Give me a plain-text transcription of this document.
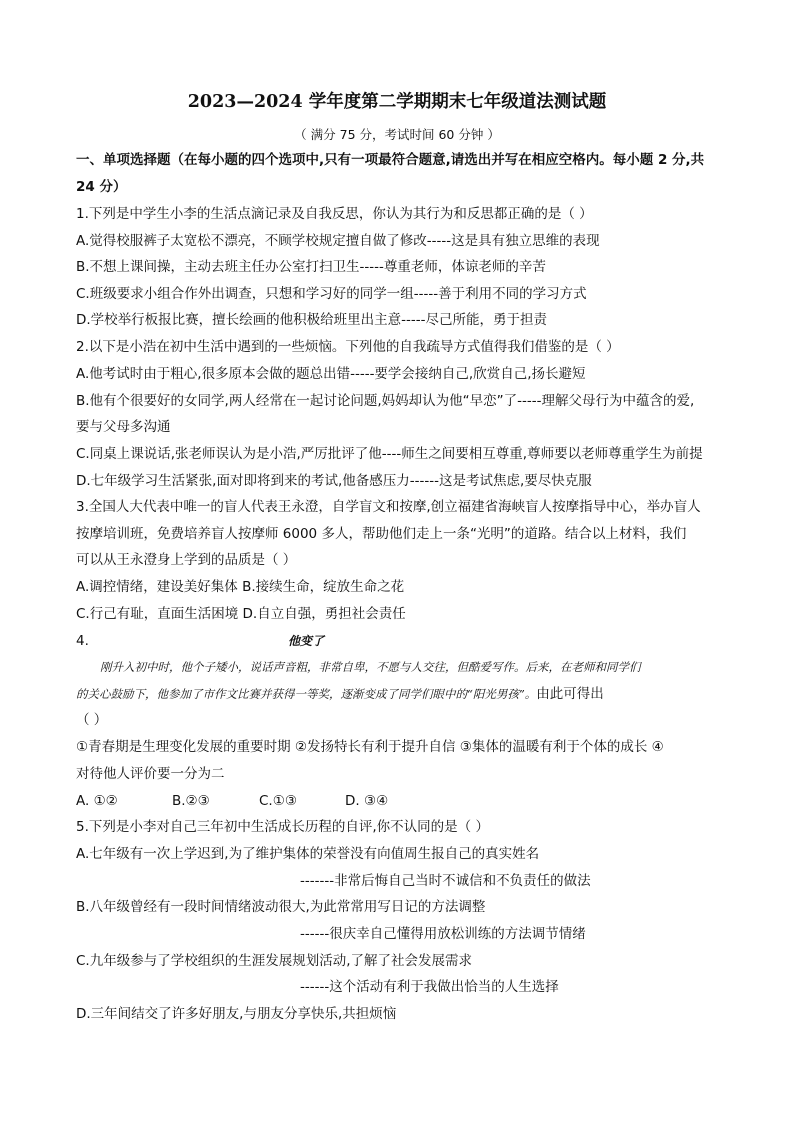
2023—2024 学年度第二学期期末七年级道法测试题
（ 满分 75 分，考试时间 60 分钟 ）
一、单项选择题（在每小题的四个选项中,只有一项最符合题意,请选出并写在相应空格内。每小题 2 分,共
24 分）
1.下列是中学生小李的生活点滴记录及自我反思，你认为其行为和反思都正确的是（ ）
A.觉得校服裤子太宽松不漂亮，不顾学校规定擅自做了修改-----这是具有独立思维的表现
B.不想上课间操，主动去班主任办公室打扫卫生-----尊重老师，体谅老师的辛苦
C.班级要求小组合作外出调查，只想和学习好的同学一组-----善于利用不同的学习方式
D.学校举行板报比赛，擅长绘画的他积极给班里出主意-----尽己所能，勇于担责
2.以下是小浩在初中生活中遇到的一些烦恼。下列他的自我疏导方式值得我们借鉴的是（ ）
A.他考试时由于粗心,很多原本会做的题总出错-----要学会接纳自己,欣赏自己,扬长避短
B.他有个很要好的女同学,两人经常在一起讨论问题,妈妈却认为他“早恋”了-----理解父母行为中蕴含的爱,
要与父母多沟通
C.同桌上课说话,张老师误认为是小浩,严厉批评了他----师生之间要相互尊重,尊师要以老师尊重学生为前提
D.七年级学习生活紧张,面对即将到来的考试,他备感压力------这是考试焦虑,要尽快克服
3.全国人大代表中唯一的盲人代表王永澄，自学盲文和按摩,创立福建省海峡盲人按摩指导中心，举办盲人
按摩培训班，免费培养盲人按摩师 6000 多人，帮助他们走上一条“光明”的道路。结合以上材料，我们
可以从王永澄身上学到的品质是（ ）
A.调控情绪，建设美好集体 B.接续生命，绽放生命之花
C.行己有耻，直面生活困境 D.自立自强，勇担社会责任
4.	他变了
刚升入初中时，他个子矮小，说话声音粗，非常自卑，不愿与人交往，但酷爱写作。后来，在老师和同学们
的关心鼓励下，他参加了市作文比赛并获得一等奖，逐渐变成了同学们眼中的“阳光男孩”。由此可得出
（ ）
①青春期是生理变化发展的重要时期 ②发扬特长有利于提升自信 ③集体的温暖有利于个体的成长 ④
对待他人评价要一分为二
A. ①②	B.②③	C.①③	D. ③④
5.下列是小李对自己三年初中生活成长历程的自评,你不认同的是（ ）
A.七年级有一次上学迟到,为了维护集体的荣誉没有向值周生报自己的真实姓名
-------非常后悔自己当时不诚信和不负责任的做法
B.八年级曾经有一段时间情绪波动很大,为此常常用写日记的方法调整
------很庆幸自己懂得用放松训练的方法调节情绪
C.九年级参与了学校组织的生涯发展规划活动,了解了社会发展需求
------这个活动有利于我做出恰当的人生选择
D.三年间结交了许多好朋友,与朋友分享快乐,共担烦恼
